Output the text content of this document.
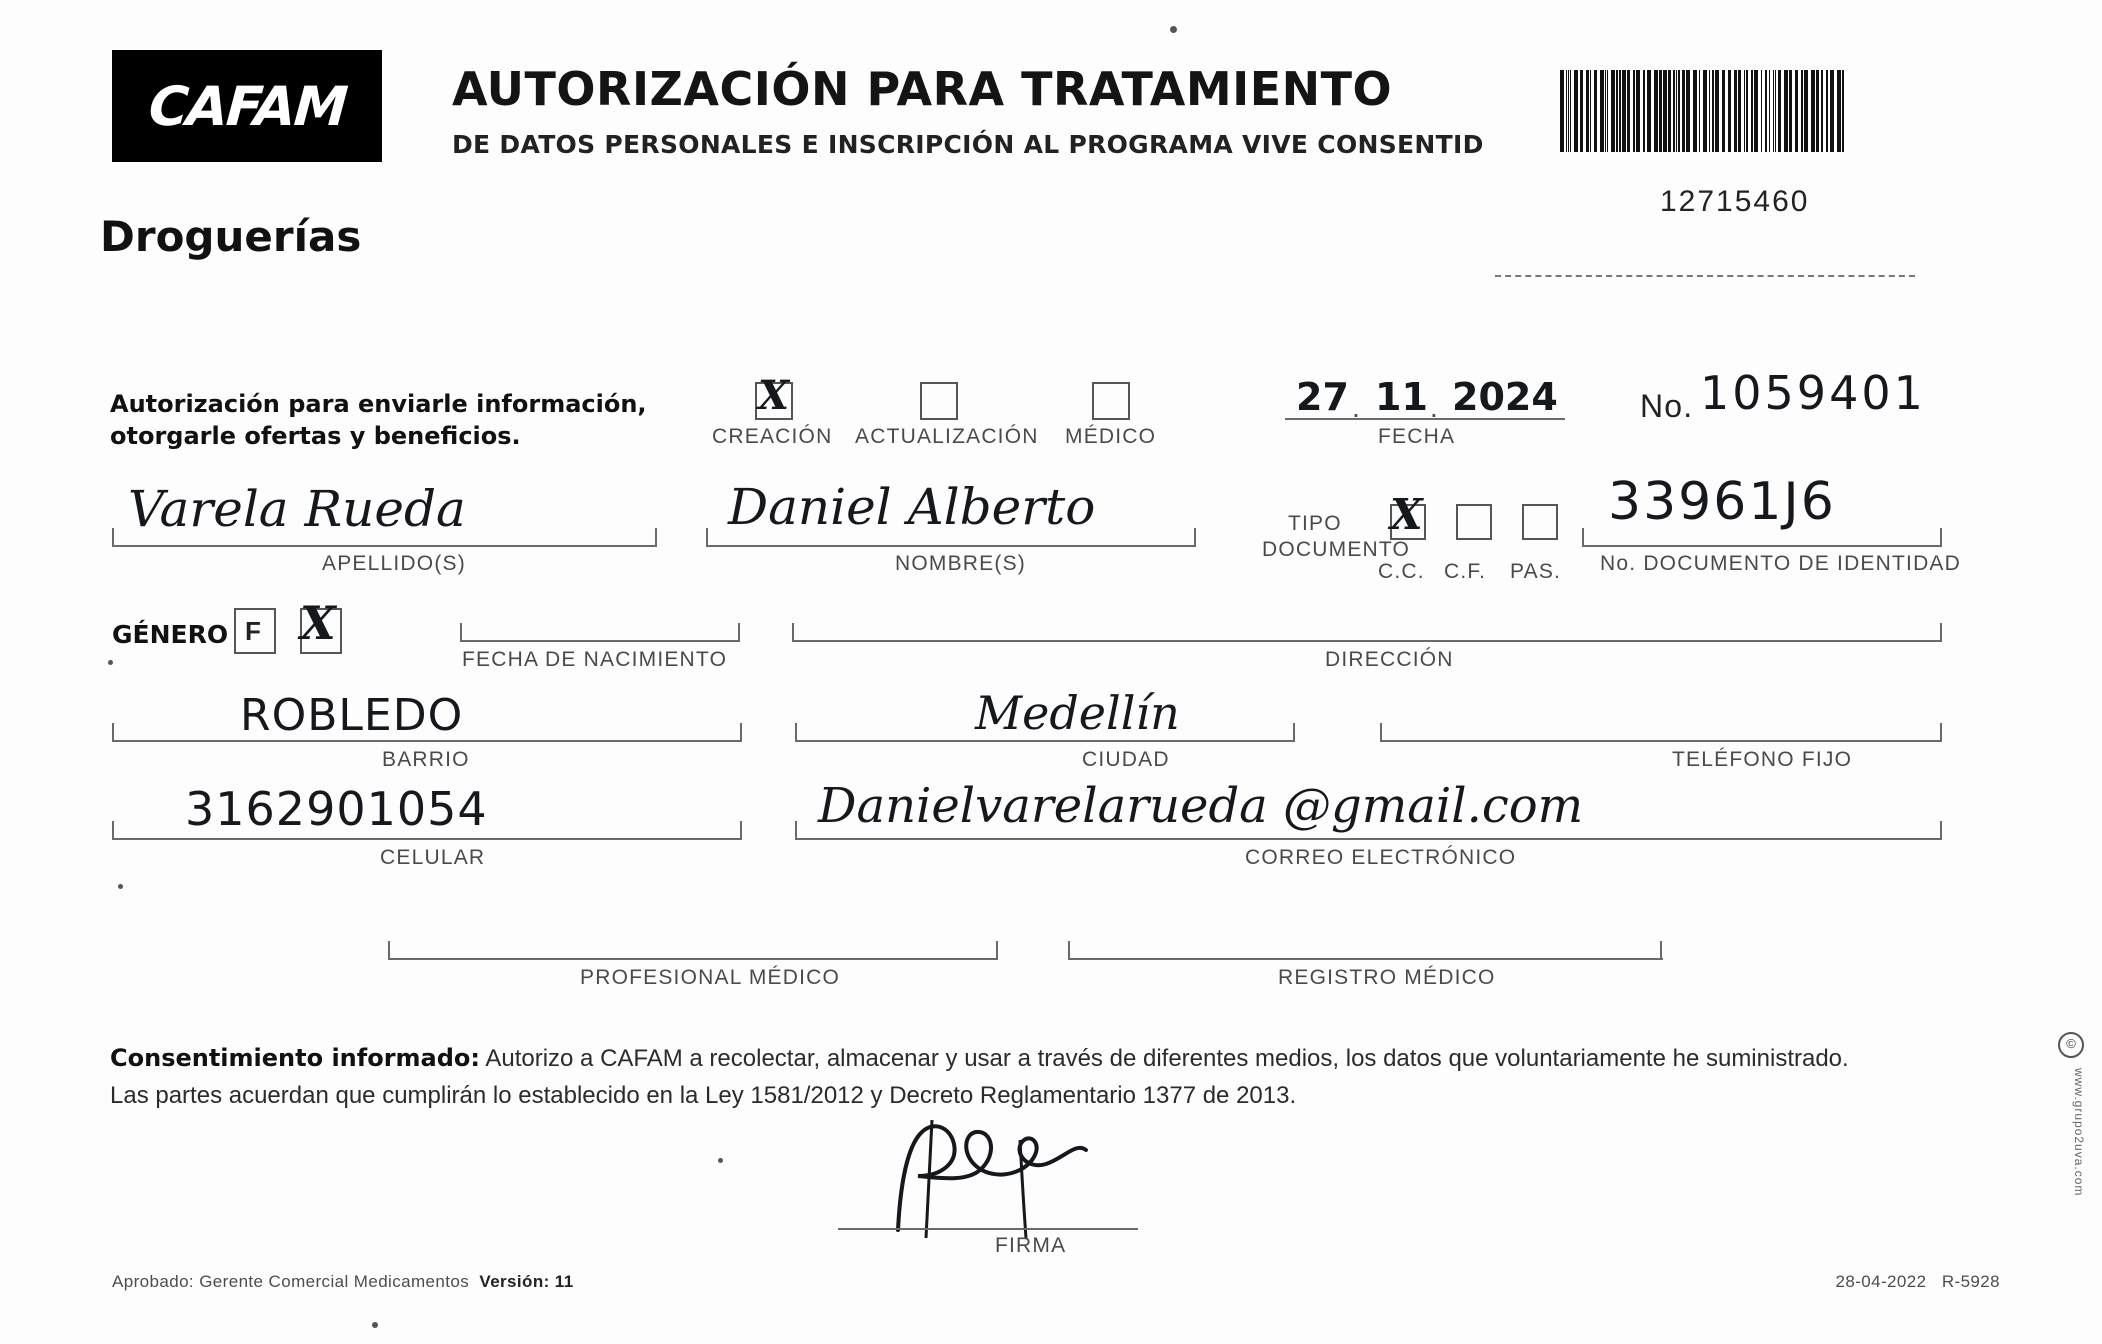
CAFAM
Droguerías
AUTORIZACIÓN PARA TRATAMIENTO
DE DATOS PERSONALES E INSCRIPCIÓN AL PROGRAMA VIVE CONSENTID
12715460
Autorización para enviarle información,
otorgarle ofertas y beneficios.
X
CREACIÓN ACTUALIZACIÓN MÉDICO
27 . 11 . 2024
FECHA
No. 1059401
Varela Rueda
APELLIDO(S)
Daniel Alberto
NOMBRE(S)
TIPO
DOCUMENTO
X
C.C. C.F. PAS.
33961J6
No. DOCUMENTO DE IDENTIDAD
GÉNERO F X
FECHA DE NACIMIENTO	DIRECCIÓN
ROBLEDO
BARRIO
Medellín
CIUDAD	TELÉFONO FIJO
3162901054
CELULAR
Danielvarelarueda @gmail.com
CORREO ELECTRÓNICO
PROFESIONAL MÉDICO	REGISTRO MÉDICO
Consentimiento informado: Autorizo a CAFAM a recolectar, almacenar y usar a través de diferentes medios, los datos que voluntariamente he suministrado.
Las partes acuerdan que cumplirán lo establecido en la Ley 1581/2012 y Decreto Reglamentario 1377 de 2013.
FIRMA
Aprobado: Gerente Comercial Medicamentos Versión: 11	28-04-2022 R-5928
©
www.grupo2uva.com
